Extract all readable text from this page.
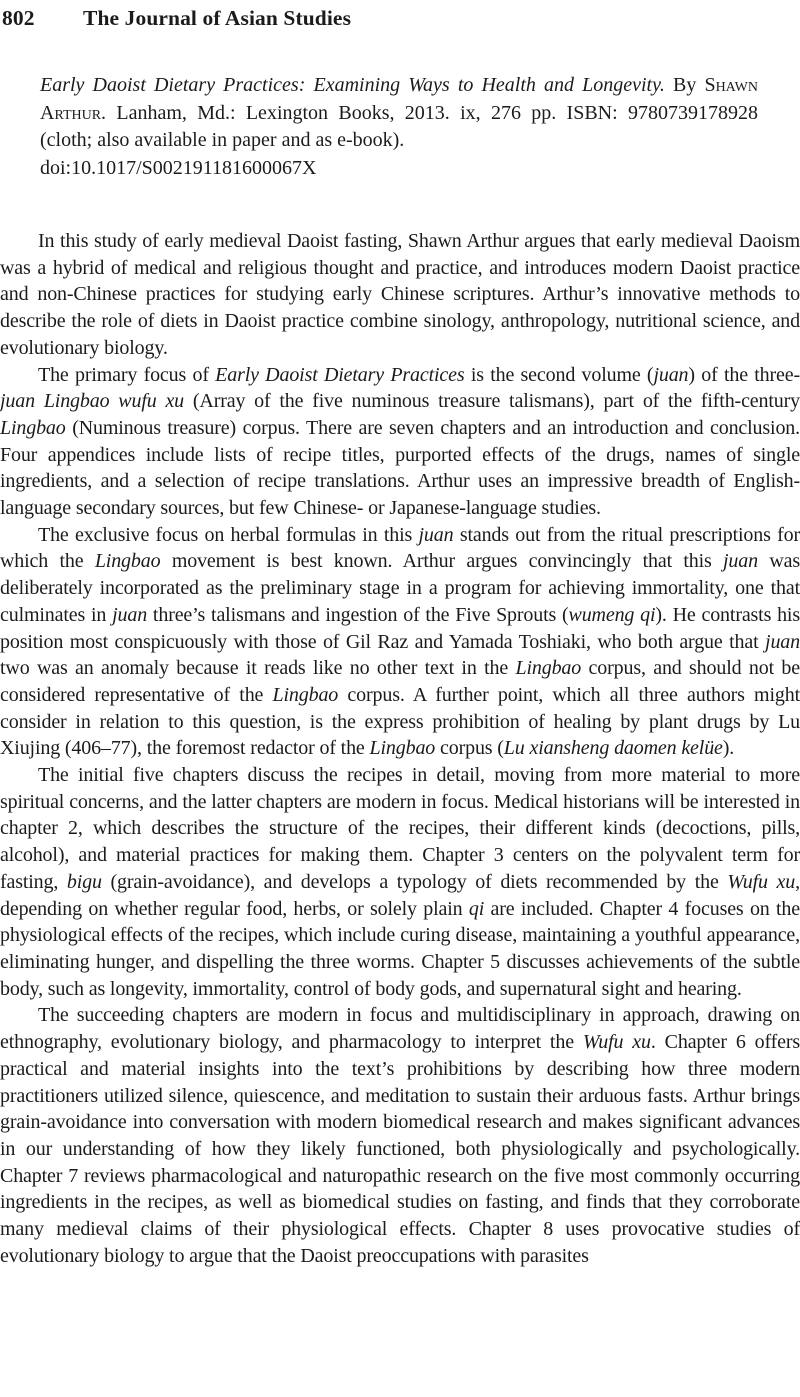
802	The Journal of Asian Studies

Early Daoist Dietary Practices: Examining Ways to Health and Longevity. By Shawn Arthur. Lanham, Md.: Lexington Books, 2013. ix, 276 pp. ISBN: 9780739178928 (cloth; also available in paper and as e-book).

doi:10.1017/S002191181600067X

In this study of early medieval Daoist fasting, Shawn Arthur argues that early medieval Daoism was a hybrid of medical and religious thought and practice, and introduces modern Daoist practice and non-Chinese practices for studying early Chinese scriptures. Arthur’s innovative methods to describe the role of diets in Daoist practice combine sinology, anthropology, nutritional science, and evolutionary biology.

The primary focus of Early Daoist Dietary Practices is the second volume (juan) of the three-juan Lingbao wufu xu (Array of the five numinous treasure talismans), part of the fifth-century Lingbao (Numinous treasure) corpus. There are seven chapters and an introduction and conclusion. Four appendices include lists of recipe titles, purported effects of the drugs, names of single ingredients, and a selection of recipe translations. Arthur uses an impressive breadth of English-language secondary sources, but few Chinese- or Japanese-language studies.

The exclusive focus on herbal formulas in this juan stands out from the ritual prescriptions for which the Lingbao movement is best known. Arthur argues convincingly that this juan was deliberately incorporated as the preliminary stage in a program for achieving immortality, one that culminates in juan three’s talismans and ingestion of the Five Sprouts (wumeng qi). He contrasts his position most conspicuously with those of Gil Raz and Yamada Toshiaki, who both argue that juan two was an anomaly because it reads like no other text in the Lingbao corpus, and should not be considered representative of the Lingbao corpus. A further point, which all three authors might consider in relation to this question, is the express prohibition of healing by plant drugs by Lu Xiujing (406–77), the foremost redactor of the Lingbao corpus (Lu xiansheng daomen kelüe).

The initial five chapters discuss the recipes in detail, moving from more material to more spiritual concerns, and the latter chapters are modern in focus. Medical historians will be interested in chapter 2, which describes the structure of the recipes, their different kinds (decoctions, pills, alcohol), and material practices for making them. Chapter 3 centers on the polyvalent term for fasting, bigu (grain-avoidance), and develops a typology of diets recommended by the Wufu xu, depending on whether regular food, herbs, or solely plain qi are included. Chapter 4 focuses on the physiological effects of the recipes, which include curing disease, maintaining a youthful appearance, eliminating hunger, and dispelling the three worms. Chapter 5 discusses achievements of the subtle body, such as longevity, immortality, control of body gods, and supernatural sight and hearing.

The succeeding chapters are modern in focus and multidisciplinary in approach, drawing on ethnography, evolutionary biology, and pharmacology to interpret the Wufu xu. Chapter 6 offers practical and material insights into the text’s prohibitions by describing how three modern practitioners utilized silence, quiescence, and meditation to sustain their arduous fasts. Arthur brings grain-avoidance into conversation with modern biomedical research and makes significant advances in our understanding of how they likely functioned, both physiologically and psychologically. Chapter 7 reviews pharmacological and naturopathic research on the five most commonly occurring ingredients in the recipes, as well as biomedical studies on fasting, and finds that they corroborate many medieval claims of their physiological effects. Chapter 8 uses provocative studies of evolutionary biology to argue that the Daoist preoccupations with parasites
